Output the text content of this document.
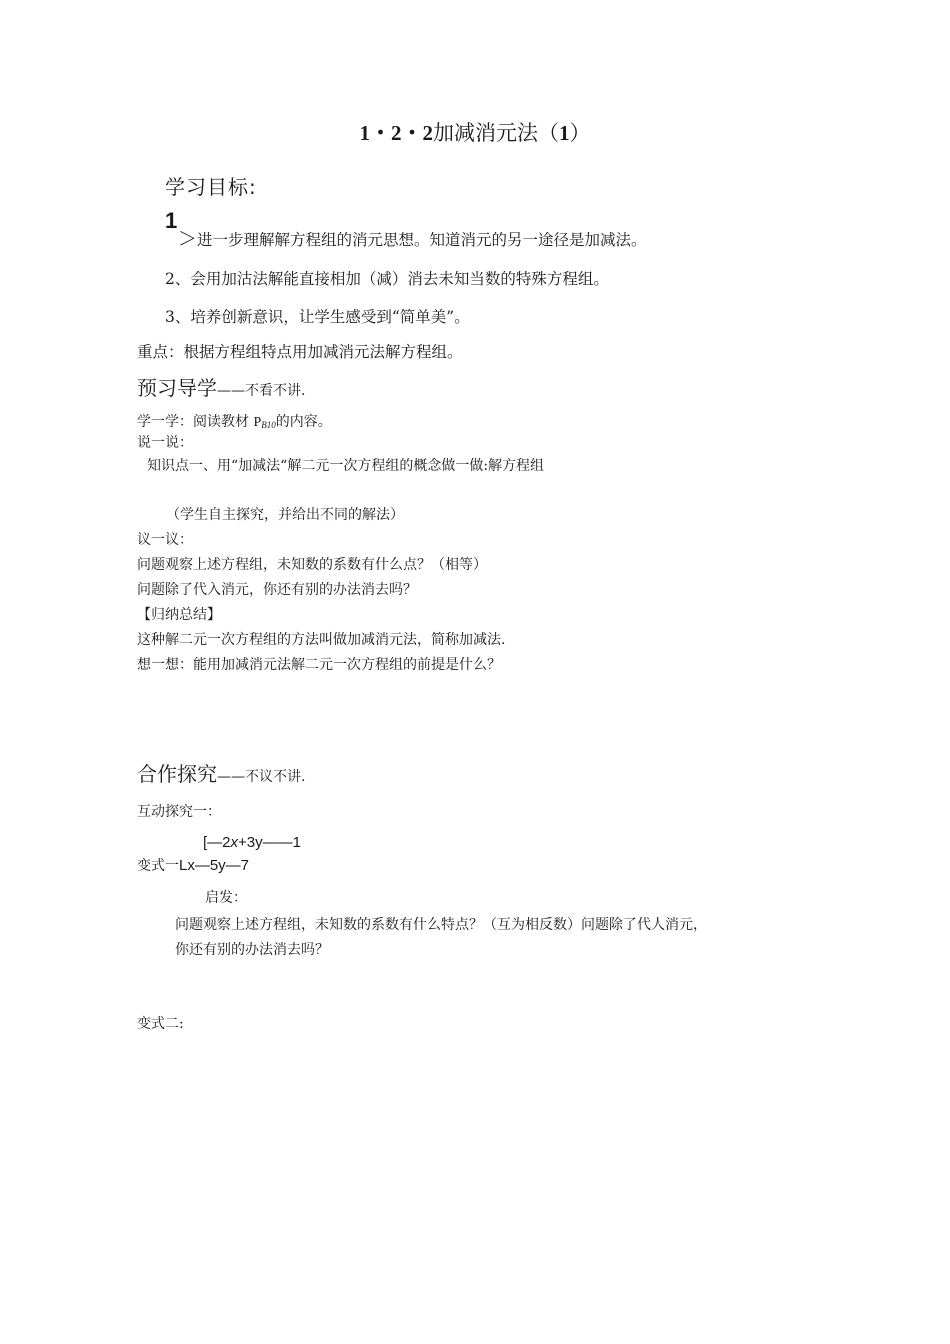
1・2・2加减消元法（1）
学习目标:
1
＞进一步理解解方程组的消元思想。知道消元的另一途径是加减法。
2、会用加沽法解能直接相加（减）消去未知当数的特殊方程组。
3、培养创新意识，让学生感受到“简单美”。
重点：根据方程组特点用加减消元法解方程组。
预习导学——不看不讲.
学一学：阅读教材 $P_{B10}$的内容。
说一说：
知识点一、用“加减法“解二元一次方程组的概念做一做:解方程组
（学生自主探究，并给出不同的解法）
议一议：
问题观察上述方程组，未知数的系数有什么点？（相等）
问题除了代入消元，你还有别的办法消去吗？
【归纳总结】
这种解二元一次方程组的方法叫做加减消元法，简称加减法.
想一想：能用加减消元法解二元一次方程组的前提是什么？
合作探究——不议不讲.
互动探究一：
[—2x+3y——1
变式一Lx—5y—7
启发：
问题观察上述方程组，未知数的系数有什么特点？（互为相反数）问题除了代人消元，
你还有别的办法消去吗？
变式二:
